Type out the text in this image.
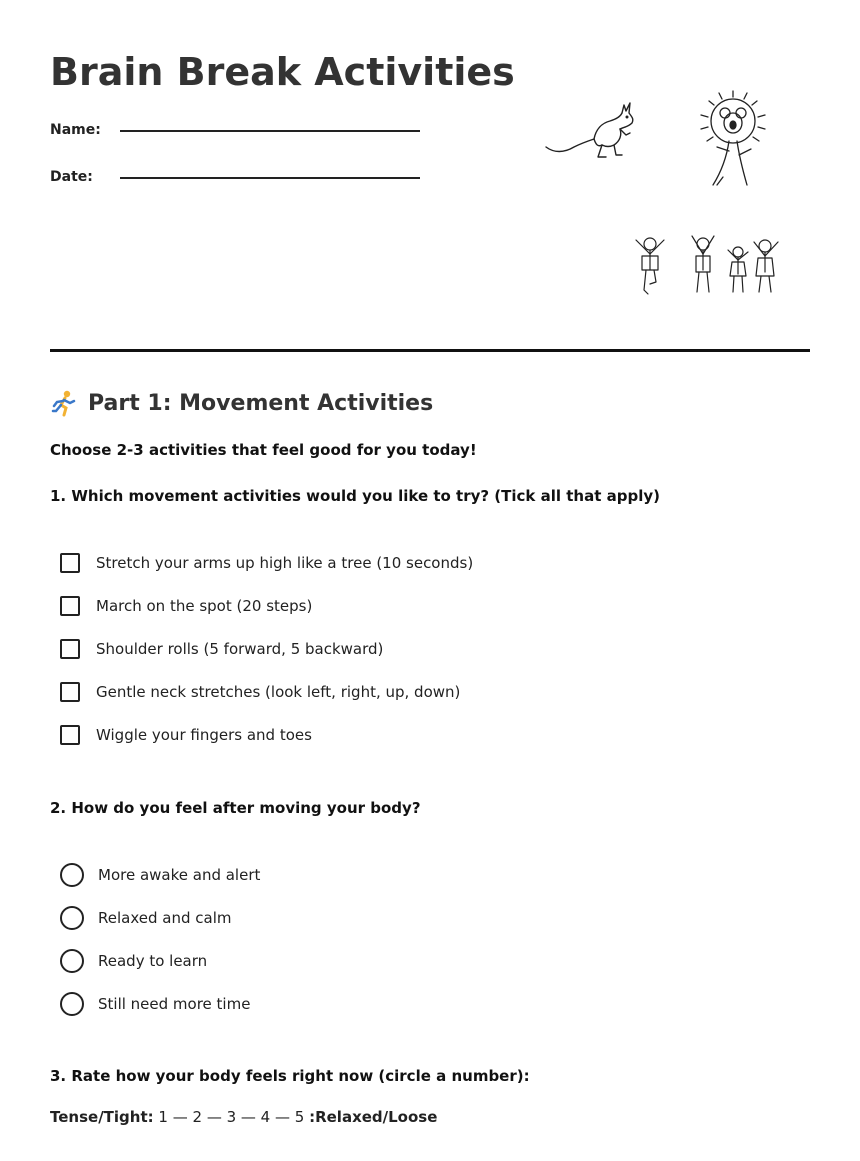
Brain Break Activities
Name:
Date:
Part 1: Movement Activities
Choose 2-3 activities that feel good for you today!
1. Which movement activities would you like to try? (Tick all that apply)
Stretch your arms up high like a tree (10 seconds)
March on the spot (20 steps)
Shoulder rolls (5 forward, 5 backward)
Gentle neck stretches (look left, right, up, down)
Wiggle your fingers and toes
2. How do you feel after moving your body?
More awake and alert
Relaxed and calm
Ready to learn
Still need more time
3. Rate how your body feels right now (circle a number):
Tense/Tight: 1 — 2 — 3 — 4 — 5 :Relaxed/Loose
